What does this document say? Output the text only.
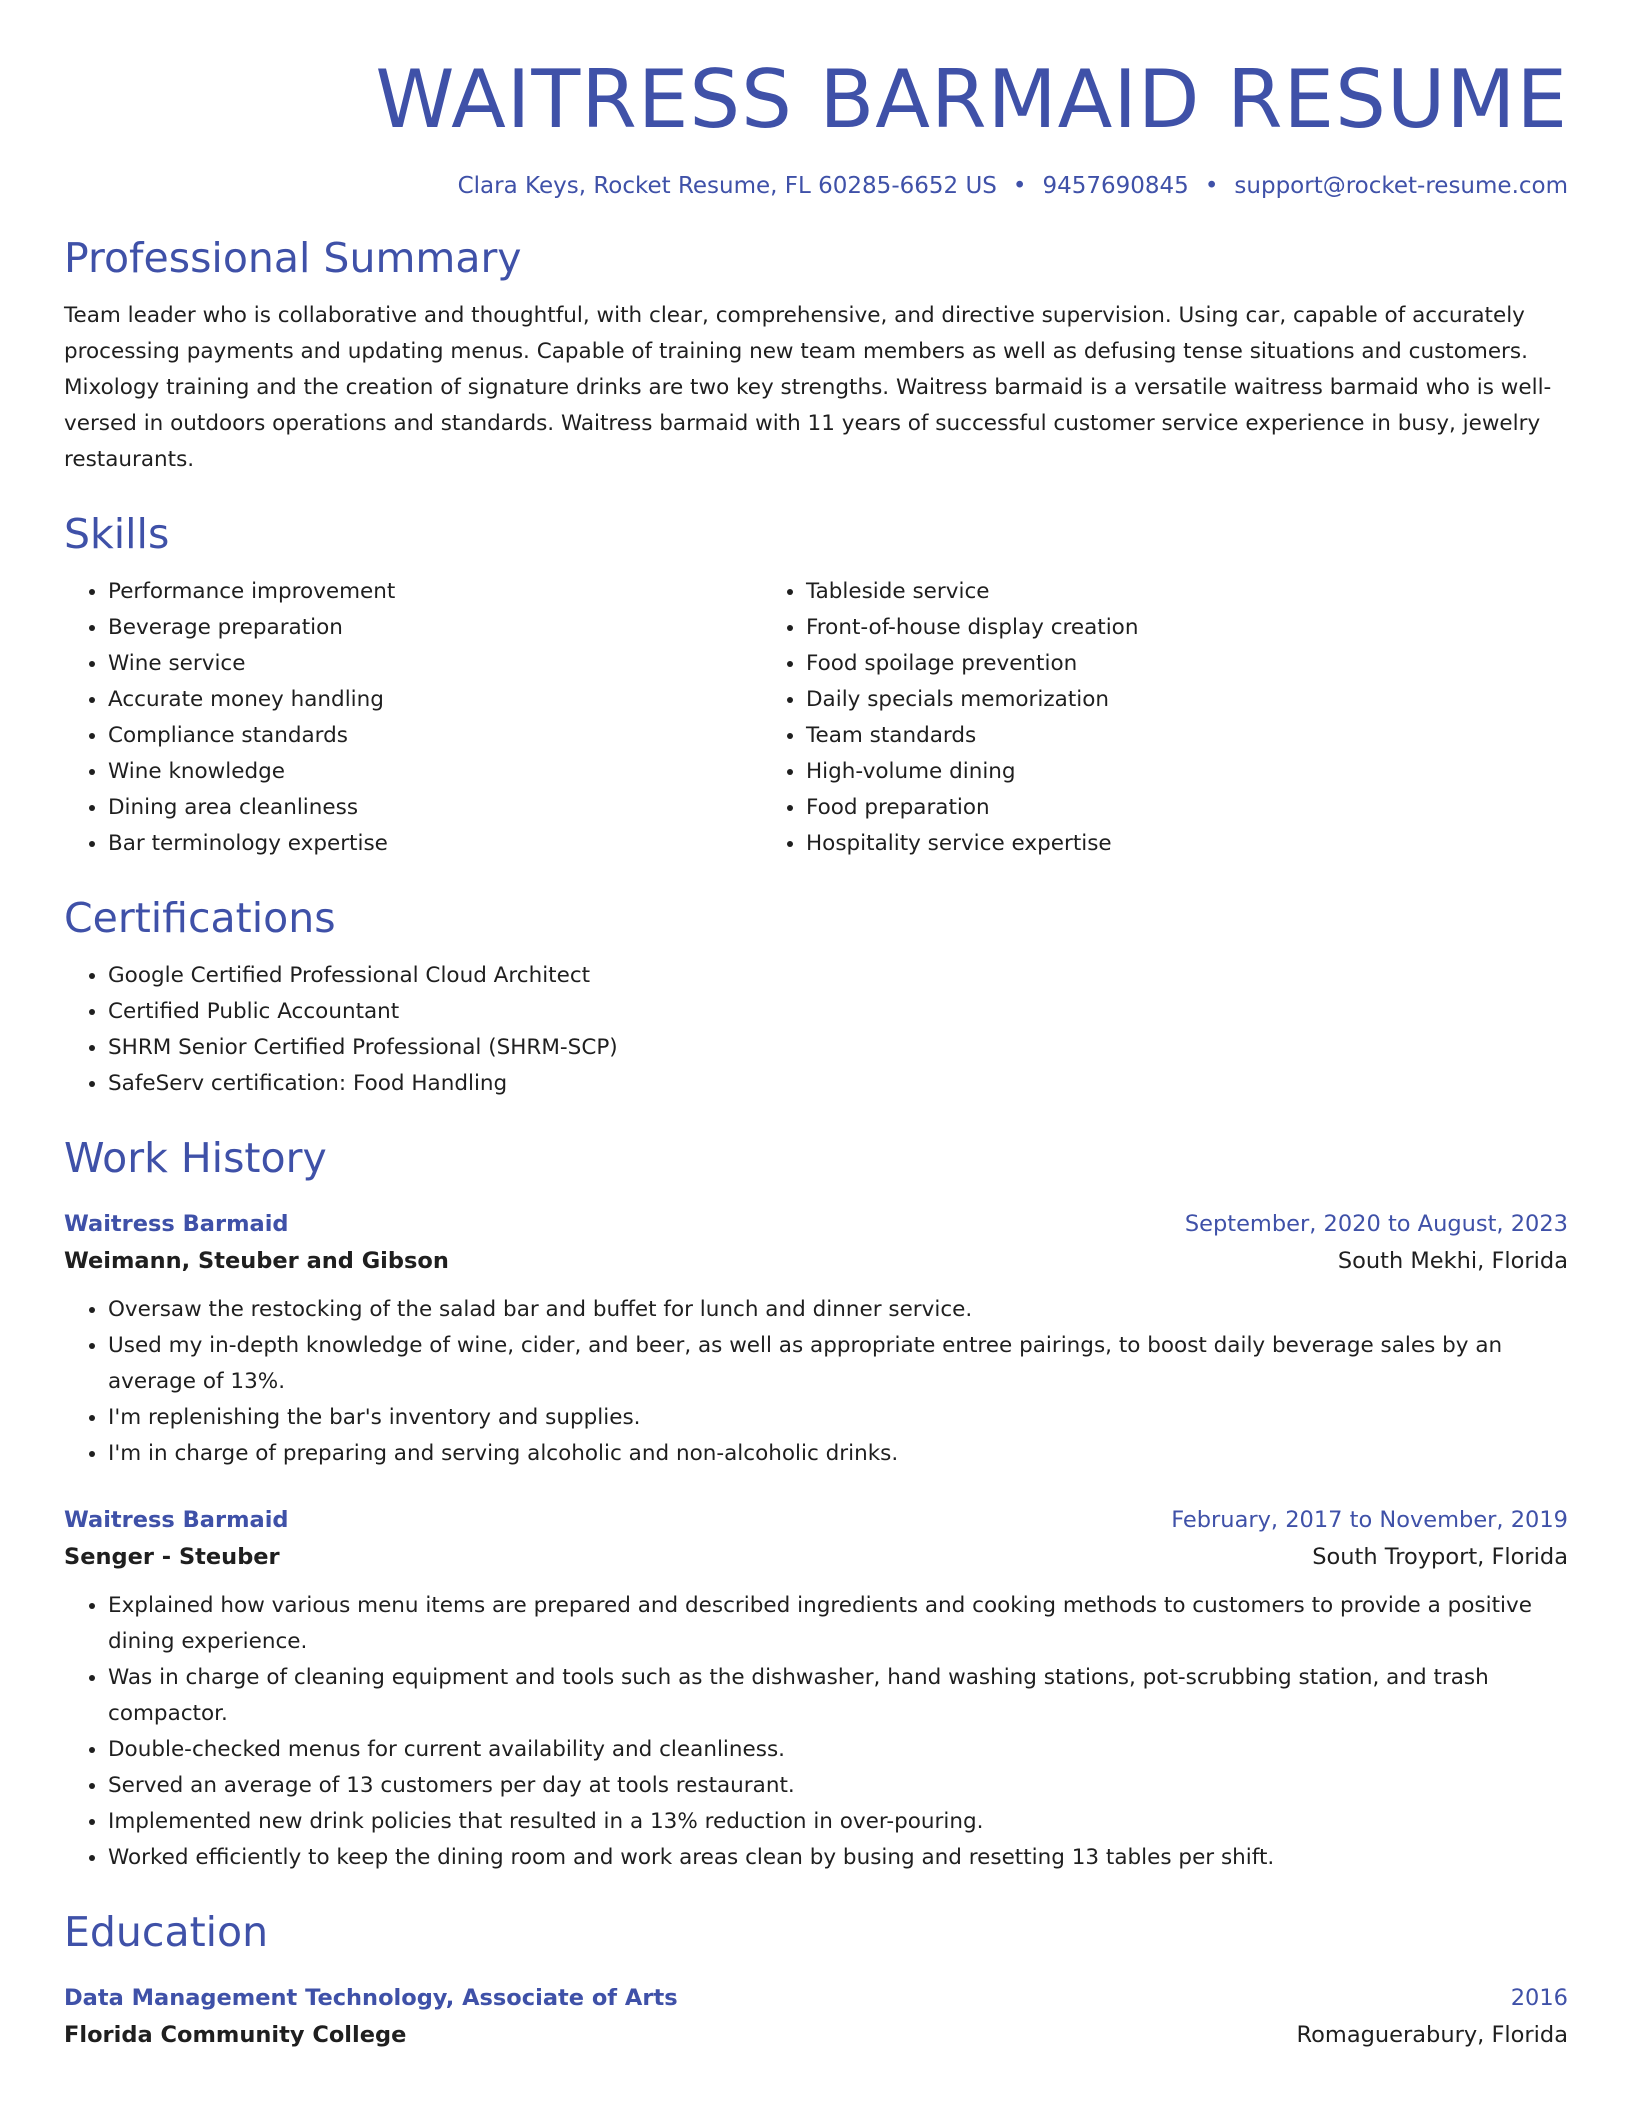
WAITRESS BARMAID RESUME
Clara Keys, Rocket Resume, FL 60285-6652 US • 9457690845 • support@rocket-resume.com
Professional Summary
Team leader who is collaborative and thoughtful, with clear, comprehensive, and directive supervision. Using car, capable of accurately processing payments and updating menus. Capable of training new team members as well as defusing tense situations and customers. Mixology training and the creation of signature drinks are two key strengths. Waitress barmaid is a versatile waitress barmaid who is well-versed in outdoors operations and standards. Waitress barmaid with 11 years of successful customer service experience in busy, jewelry restaurants.
Skills
• Performance improvement
• Beverage preparation
• Wine service
• Accurate money handling
• Compliance standards
• Wine knowledge
• Dining area cleanliness
• Bar terminology expertise
• Tableside service
• Front-of-house display creation
• Food spoilage prevention
• Daily specials memorization
• Team standards
• High-volume dining
• Food preparation
• Hospitality service expertise
Certifications
• Google Certified Professional Cloud Architect
• Certified Public Accountant
• SHRM Senior Certified Professional (SHRM-SCP)
• SafeServ certification: Food Handling
Work History
Waitress Barmaid	September, 2020 to August, 2023
Weimann, Steuber and Gibson	South Mekhi, Florida
• Oversaw the restocking of the salad bar and buffet for lunch and dinner service.
• Used my in-depth knowledge of wine, cider, and beer, as well as appropriate entree pairings, to boost daily beverage sales by an average of 13%.
• I'm replenishing the bar's inventory and supplies.
• I'm in charge of preparing and serving alcoholic and non-alcoholic drinks.
Waitress Barmaid	February, 2017 to November, 2019
Senger - Steuber	South Troyport, Florida
• Explained how various menu items are prepared and described ingredients and cooking methods to customers to provide a positive dining experience.
• Was in charge of cleaning equipment and tools such as the dishwasher, hand washing stations, pot-scrubbing station, and trash compactor.
• Double-checked menus for current availability and cleanliness.
• Served an average of 13 customers per day at tools restaurant.
• Implemented new drink policies that resulted in a 13% reduction in over-pouring.
• Worked efficiently to keep the dining room and work areas clean by busing and resetting 13 tables per shift.
Education
Data Management Technology, Associate of Arts	2016
Florida Community College	Romaguerabury, Florida
